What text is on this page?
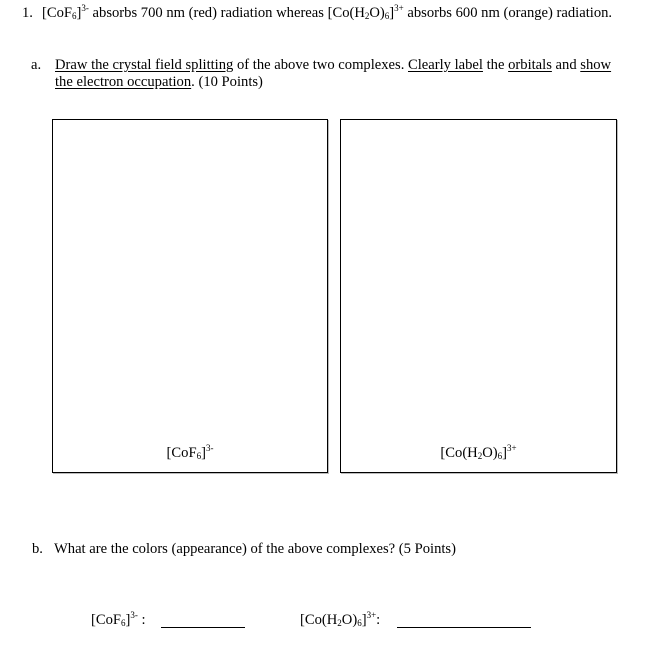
1. $[CoF_6]^{3-}$ absorbs 700 nm (red) radiation whereas $[Co(H_2O)_6]^{3+}$ absorbs 600 nm (orange) radiation.
a. Draw the crystal field splitting of the above two complexes. Clearly label the orbitals and show the electron occupation. (10 Points)
$[CoF_6]^{3-}$	$[Co(H_2O)_6]^{3+}$
b. What are the colors (appearance) of the above complexes? (5 Points)
$[CoF_6]^{3-}$ :	$[Co(H_2O)_6]^{3+}$:
